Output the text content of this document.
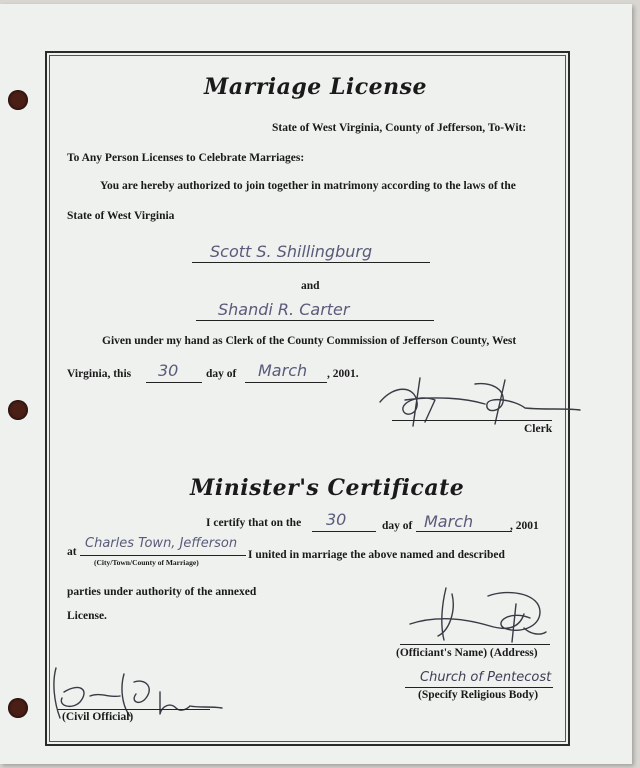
Marriage License
State of West Virginia, County of Jefferson, To-Wit:
To Any Person Licenses to Celebrate Marriages:
You are hereby authorized to join together in matrimony according to the laws of the
State of West Virginia
Scott S. Shillingburg
and
Shandi R. Carter
Given under my hand as Clerk of the County Commission of Jefferson County, West
Virginia, this 30 day of March , 2001.
Clerk
Minister's Certificate
I certify that on the 30	day of March	, 2001
at
Charles Town, Jefferson
(City/Town/County of Marriage)
I united in marriage the above named and described
parties under authority of the annexed
License.
(Officiant's Name) (Address)
Church of Pentecost
(Specify Religious Body)
(Civil Official)
